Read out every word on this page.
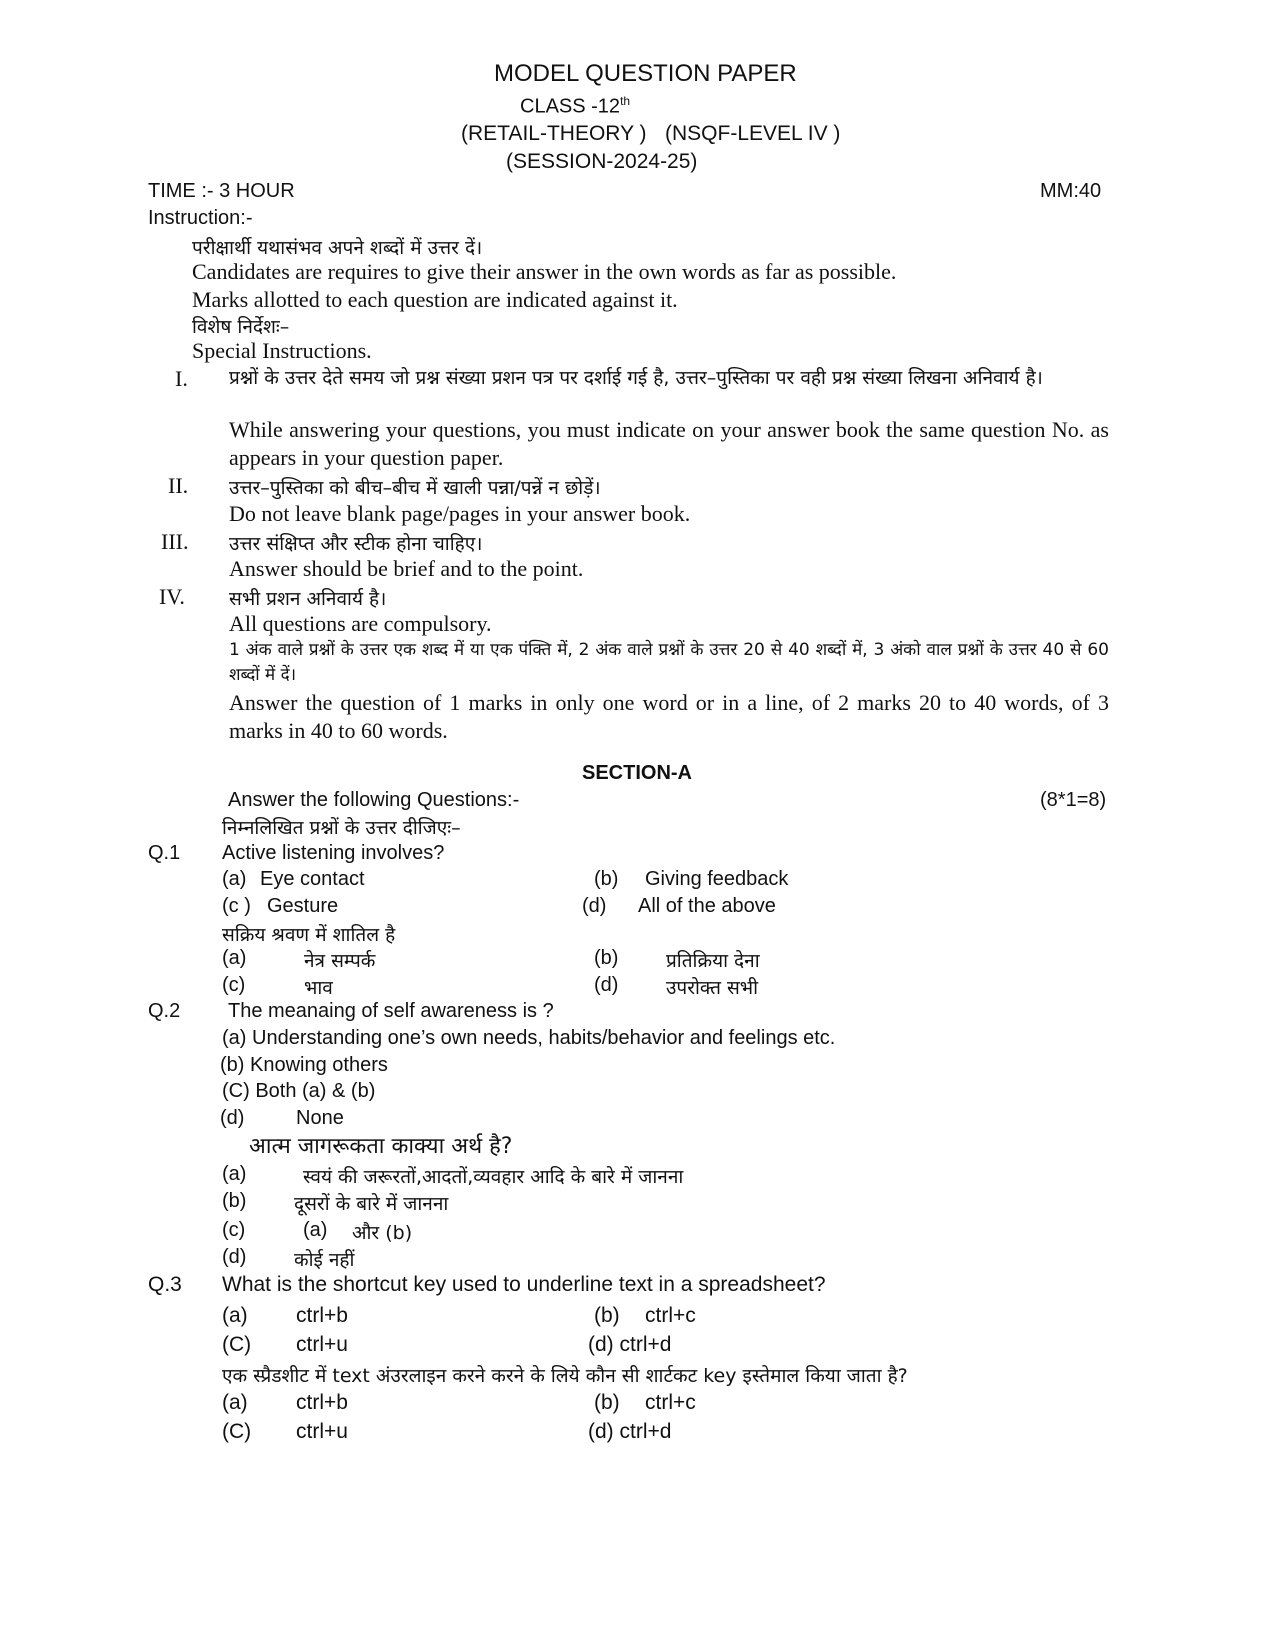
MODEL QUESTION PAPER
CLASS -12th
(RETAIL-THEORY ) (NSQF-LEVEL IV )
(SESSION-2024-25)
TIME :- 3 HOUR	MM:40
Instruction:-
परीक्षार्थी यथासंभव अपने शब्दों में उत्तर दें।
Candidates are requires to give their answer in the own words as far as possible.
Marks allotted to each question are indicated against it.
विशेष निर्देशः–
Special Instructions.
I. प्रश्नों के उत्तर देते समय जो प्रश्न संख्या प्रशन पत्र पर दर्शाई गई है, उत्तर–पुस्तिका पर वही प्रश्न संख्या लिखना अनिवार्य है।
While answering your questions, you must indicate on your answer book the same question No. as appears in your question paper.
II. उत्तर–पुस्तिका को बीच–बीच में खाली पन्ना/पन्नें न छोड़ें।
Do not leave blank page/pages in your answer book.
III. उत्तर संक्षिप्त और स्टीक होना चाहिए।
Answer should be brief and to the point.
IV. सभी प्रशन अनिवार्य है।
All questions are compulsory.
1 अंक वाले प्रश्नों के उत्तर एक शब्द में या एक पंक्ति में, 2 अंक वाले प्रश्नों के उत्तर 20 से 40 शब्दों में, 3 अंको वाल प्रश्नों के उत्तर 40 से 60 शब्दों में दें।
Answer the question of 1 marks in only one word or in a line, of 2 marks 20 to 40 words, of 3 marks in 40 to 60 words.
SECTION-A
Answer the following Questions:-	(8*1=8)
निम्नलिखित प्रश्नों के उत्तर दीजिएः–
Q.1 Active listening involves?
(a) Eye contact	(b) Giving feedback
(c ) Gesture	(d) All of the above
सक्रिय श्रवण में शातिल है
(a)	नेत्र सम्पर्क	(b)	प्रतिक्रिया देना
(c)	भाव	(d)	उपरोक्त सभी
Q.2 The meanaing of self awareness is ?
(a) Understanding one’s own needs, habits/behavior and feelings etc.
(b) Knowing others
(C) Both (a) & (b)
(d)	None
आत्म जागरूकता काक्या अर्थ है?
(a)	स्वयं की जरूरतों,आदतों,व्यवहार आदि के बारे में जानना
(b)	दूसरों के बारे में जानना
(c)	(a) और (b)
(d)	कोई नहीं
Q.3 What is the shortcut key used to underline text in a spreadsheet?
(a) ctrl+b	(b) ctrl+c
(C) ctrl+u	(d) ctrl+d
एक स्प्रैडशीट में text अंउरलाइन करने करने के लिये कौन सी शार्टकट key इस्तेमाल किया जाता है?
(a) ctrl+b	(b) ctrl+c
(C) ctrl+u	(d) ctrl+d
